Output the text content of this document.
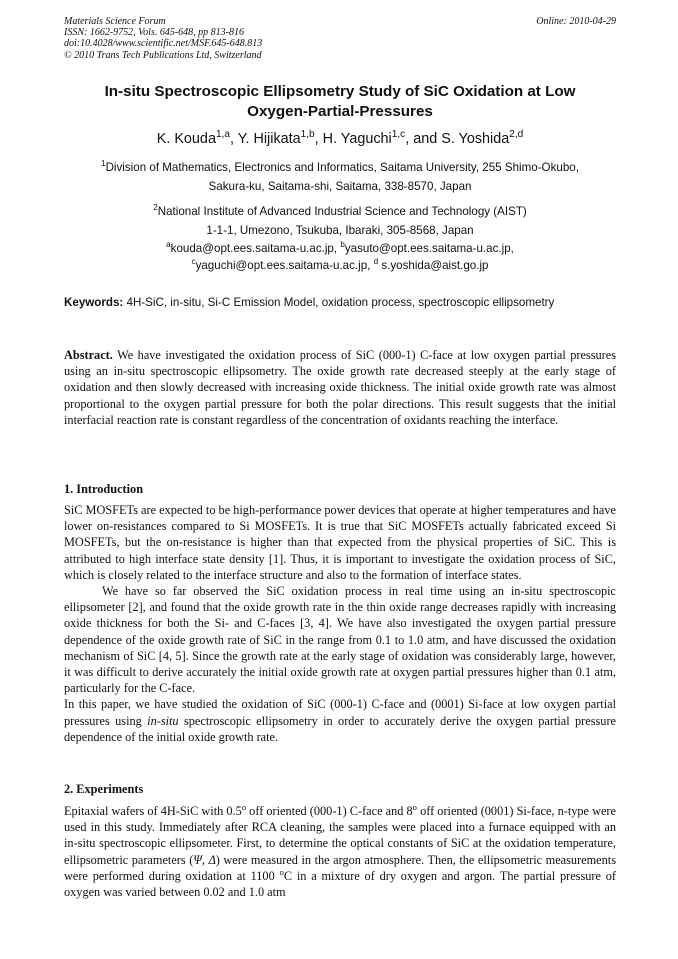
Materials Science Forum
ISSN: 1662-9752, Vols. 645-648, pp 813-816
doi:10.4028/www.scientific.net/MSF.645-648.813
© 2010 Trans Tech Publications Ltd, Switzerland
Online: 2010-04-29
In-situ Spectroscopic Ellipsometry Study of SiC Oxidation at Low
Oxygen-Partial-Pressures
K. Kouda$^{1,a}$, Y. Hijikata$^{1,b}$, H. Yaguchi$^{1,c}$, and S. Yoshida$^{2,d}$
$^1$Division of Mathematics, Electronics and Informatics, Saitama University, 255 Shimo-Okubo,
Sakura-ku, Saitama-shi, Saitama, 338-8570, Japan
$^2$National Institute of Advanced Industrial Science and Technology (AIST)
1-1-1, Umezono, Tsukuba, Ibaraki, 305-8568, Japan
$^a$kouda@opt.ees.saitama-u.ac.jp, $^b$yasuto@opt.ees.saitama-u.ac.jp,
$^c$yaguchi@opt.ees.saitama-u.ac.jp, $^d$ s.yoshida@aist.go.jp
Keywords: 4H-SiC, in-situ, Si-C Emission Model, oxidation process, spectroscopic ellipsometry

Abstract. We have investigated the oxidation process of SiC (000-1) C-face at low oxygen partial pressures using an in-situ spectroscopic ellipsometry. The oxide growth rate decreased steeply at the early stage of oxidation and then slowly decreased with increasing oxide thickness. The initial oxide growth rate was almost proportional to the oxygen partial pressure for both the polar directions. This result suggests that the initial interfacial reaction rate is constant regardless of the concentration of oxidants reaching the interface.

1. Introduction

SiC MOSFETs are expected to be high-performance power devices that operate at higher temperatures and have lower on-resistances compared to Si MOSFETs. It is true that SiC MOSFETs actually fabricated exceed Si MOSFETs, but the on-resistance is higher than that expected from the physical properties of SiC. This is attributed to high interface state density [1]. Thus, it is important to investigate the oxidation process of SiC, which is closely related to the interface structure and also to the formation of interface states.

We have so far observed the SiC oxidation process in real time using an in-situ spectroscopic ellipsometer [2], and found that the oxide growth rate in the thin oxide range decreases rapidly with increasing oxide thickness for both the Si- and C-faces [3, 4]. We have also investigated the oxygen partial pressure dependence of the oxide growth rate of SiC in the range from 0.1 to 1.0 atm, and have discussed the oxidation mechanism of SiC [4, 5]. Since the growth rate at the early stage of oxidation was considerably large, however, it was difficult to derive accurately the initial oxide growth rate at oxygen partial pressures higher than 0.1 atm, particularly for the C-face.

In this paper, we have studied the oxidation of SiC (000-1) C-face and (0001) Si-face at low oxygen partial pressures using in-situ spectroscopic ellipsometry in order to accurately derive the oxygen partial pressure dependence of the initial oxide growth rate.

2. Experiments

Epitaxial wafers of 4H-SiC with 0.5$^o$ off oriented (000-1) C-face and 8$^o$ off oriented (0001) Si-face, n-type were used in this study. Immediately after RCA cleaning, the samples were placed into a furnace equipped with an in-situ spectroscopic ellipsometer. First, to determine the optical constants of SiC at the oxidation temperature, ellipsometric parameters (Ψ, Δ) were measured in the argon atmosphere. Then, the ellipsometric measurements were performed during oxidation at 1100 $^o$C in a mixture of dry oxygen and argon. The partial pressure of oxygen was varied between 0.02 and 1.0 atm
